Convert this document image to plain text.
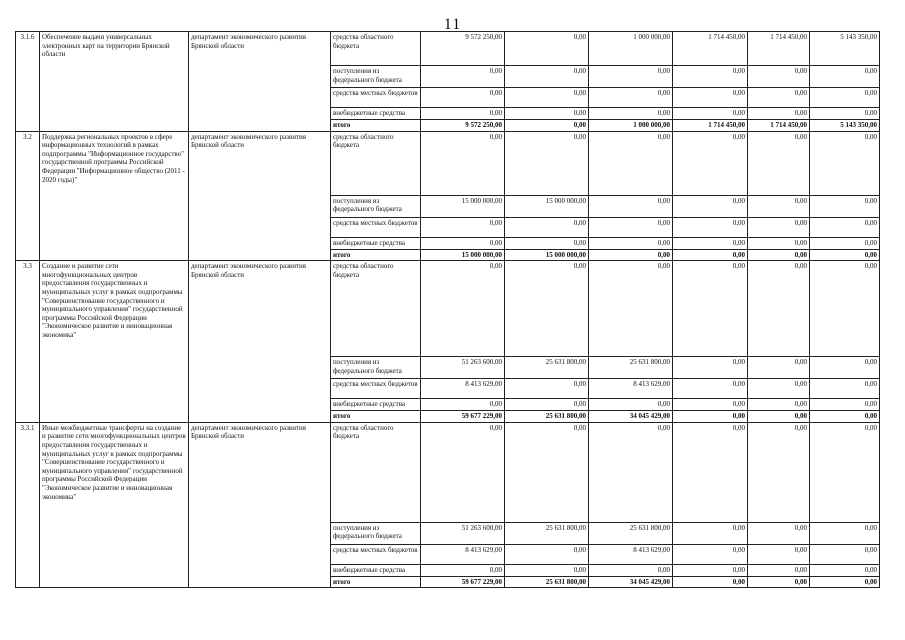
11
3.1.6	Обеспечение выдачи универсальных электронных карт на территории Брянской области	департамент экономического развития Брянской области	средства областного бюджета	9 572 250,00	0,00	1 000 000,00	1 714 450,00	1 714 450,00	5 143 350,00
			поступления из федерального бюджета	0,00	0,00	0,00	0,00	0,00	0,00
			средства местных бюджетов	0,00	0,00	0,00	0,00	0,00	0,00
			внебюджетные средства	0,00	0,00	0,00	0,00	0,00	0,00
			итого	9 572 250,00	0,00	1 000 000,00	1 714 450,00	1 714 450,00	5 143 350,00
3.2	Поддержка региональных проектов в сфере информационных технологий в рамках подпрограммы "Информационное государство" государственной программы Российской Федерации "Информационное общество (2011 - 2020 годы)"	департамент экономического развития Брянской области	средства областного бюджета	0,00	0,00	0,00	0,00	0,00	0,00
			поступления из федерального бюджета	15 000 000,00	15 000 000,00	0,00	0,00	0,00	0,00
			средства местных бюджетов	0,00	0,00	0,00	0,00	0,00	0,00
			внебюджетные средства	0,00	0,00	0,00	0,00	0,00	0,00
			итого	15 000 000,00	15 000 000,00	0,00	0,00	0,00	0,00
3.3	Создание и развитие сети многофункциональных центров предоставления государственных и муниципальных услуг в рамках подпрограммы "Совершенствование государственного и муниципального управления" государственной программы Российской Федерации "Экономическое развитие и инновационная экономика"	департамент экономического развития Брянской области	средства областного бюджета	0,00	0,00	0,00	0,00	0,00	0,00
			поступления из федерального бюджета	51 263 600,00	25 631 800,00	25 631 800,00	0,00	0,00	0,00
			средства местных бюджетов	8 413 629,00	0,00	8 413 629,00	0,00	0,00	0,00
			внебюджетные средства	0,00	0,00	0,00	0,00	0,00	0,00
			итого	59 677 229,00	25 631 800,00	34 045 429,00	0,00	0,00	0,00
3.3.1	Иные межбюджетные трансферты на создание и развитие сети многофункциональных центров предоставления государственных и муниципальных услуг в рамках подпрограммы "Совершенствование государственного и муниципального управления" государственной программы Российской Федерации "Экономическое развитие и инновационная экономика"	департамент экономического развития Брянской области	средства областного бюджета	0,00	0,00	0,00	0,00	0,00	0,00
			поступления из федерального бюджета	51 263 600,00	25 631 800,00	25 631 800,00	0,00	0,00	0,00
			средства местных бюджетов	8 413 629,00	0,00	8 413 629,00	0,00	0,00	0,00
			внебюджетные средства	0,00	0,00	0,00	0,00	0,00	0,00
			итого	59 677 229,00	25 631 800,00	34 045 429,00	0,00	0,00	0,00
